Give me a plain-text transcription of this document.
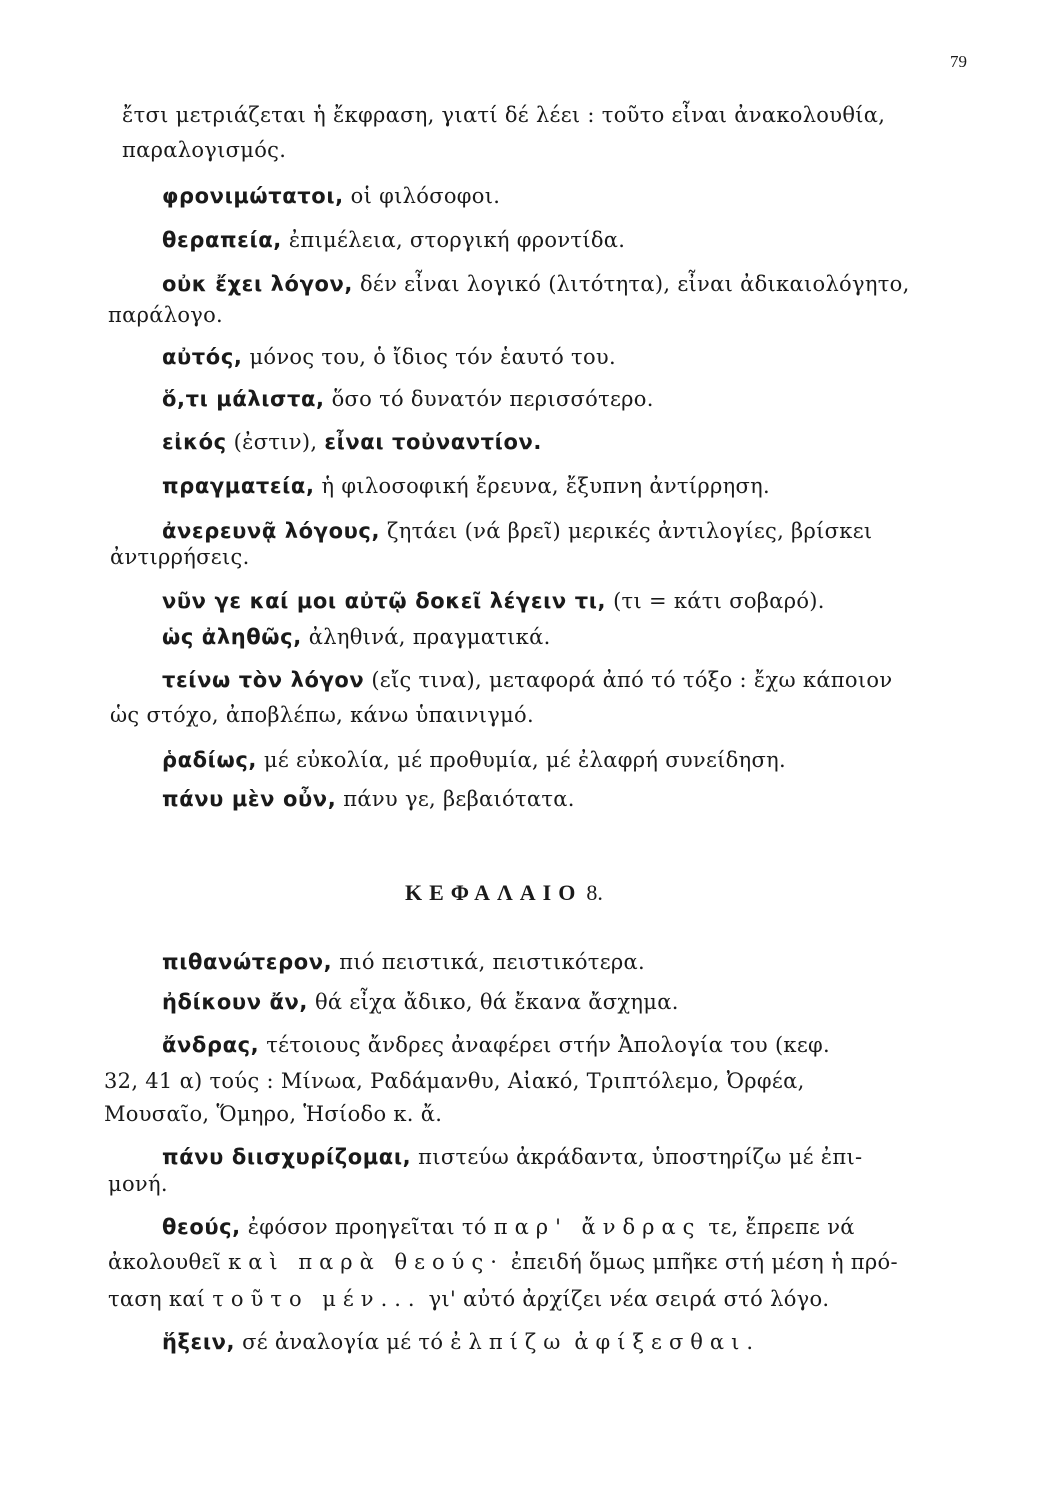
79
ἔτσι μετριάζεται ἡ ἔκφραση, γιατί δέ λέει : τοῦτο εἶναι ἀνακολουθία,
παραλογισμός.
φρονιμώτατοι, οἱ φιλόσοφοι.
θεραπεία, ἐπιμέλεια, στοργική φροντίδα.
οὐκ ἔχει λόγον, δέν εἶναι λογικό (λιτότητα), εἶναι ἀδικαιολόγητο,
παράλογο.
αὐτός, μόνος του, ὁ ἴδιος τόν ἑαυτό του.
ὅ,τι μάλιστα, ὅσο τό δυνατόν περισσότερο.
εἰκός (ἐστιν), εἶναι τοὐναντίον.
πραγματεία, ἡ φιλοσοφική ἔρευνα, ἔξυπνη ἀντίρρηση.
ἀνερευνᾷ λόγους, ζητάει (νά βρεῖ) μερικές ἀντιλογίες, βρίσκει
ἀντιρρήσεις.
νῦν γε καί μοι αὐτῷ δοκεῖ λέγειν τι, (τι = κάτι σοβαρό).
ὡς ἀληθῶς, ἀληθινά, πραγματικά.
τείνω τὸν λόγον (εἴς τινα), μεταφορά ἀπό τό τόξο : ἔχω κάποιον
ὡς στόχο, ἀποβλέπω, κάνω ὑπαινιγμό.
ῥαδίως, μέ εὐκολία, μέ προθυμία, μέ ἐλαφρή συνείδηση.
πάνυ μὲν οὖν, πάνυ γε, βεβαιότατα.
ΚΕΦΑΛΑΙΟ 8.
πιθανώτερον, πιό πειστικά, πειστικότερα.
ἠδίκουν ἄν, θά εἶχα ἄδικο, θά ἔκανα ἄσχημα.
ἄνδρας, τέτοιους ἄνδρες ἀναφέρει στήν Ἀπολογία του (κεφ.
32, 41 α) τούς : Μίνωα, Ραδάμανθυ, Αἰακό, Τριπτόλεμο, Ὀρφέα,
Μουσαῖο, Ὅμηρο, Ἡσίοδο κ. ἄ.
πάνυ διισχυρίζομαι, πιστεύω ἀκράδαντα, ὑποστηρίζω μέ ἐπι-
μονή.
θεούς, ἐφόσον προηγεῖται τό παρ' ἄνδρας τε, ἔπρεπε νά
ἀκολουθεῖ καὶ παρὰ θεούς· ἐπειδή ὅμως μπῆκε στή μέση ἡ πρό-
ταση καί τοῦτο μέν... γι' αὐτό ἀρχίζει νέα σειρά στό λόγο.
ἥξειν, σέ ἀναλογία μέ τό ἐλπίζω ἀφίξεσθαι.
